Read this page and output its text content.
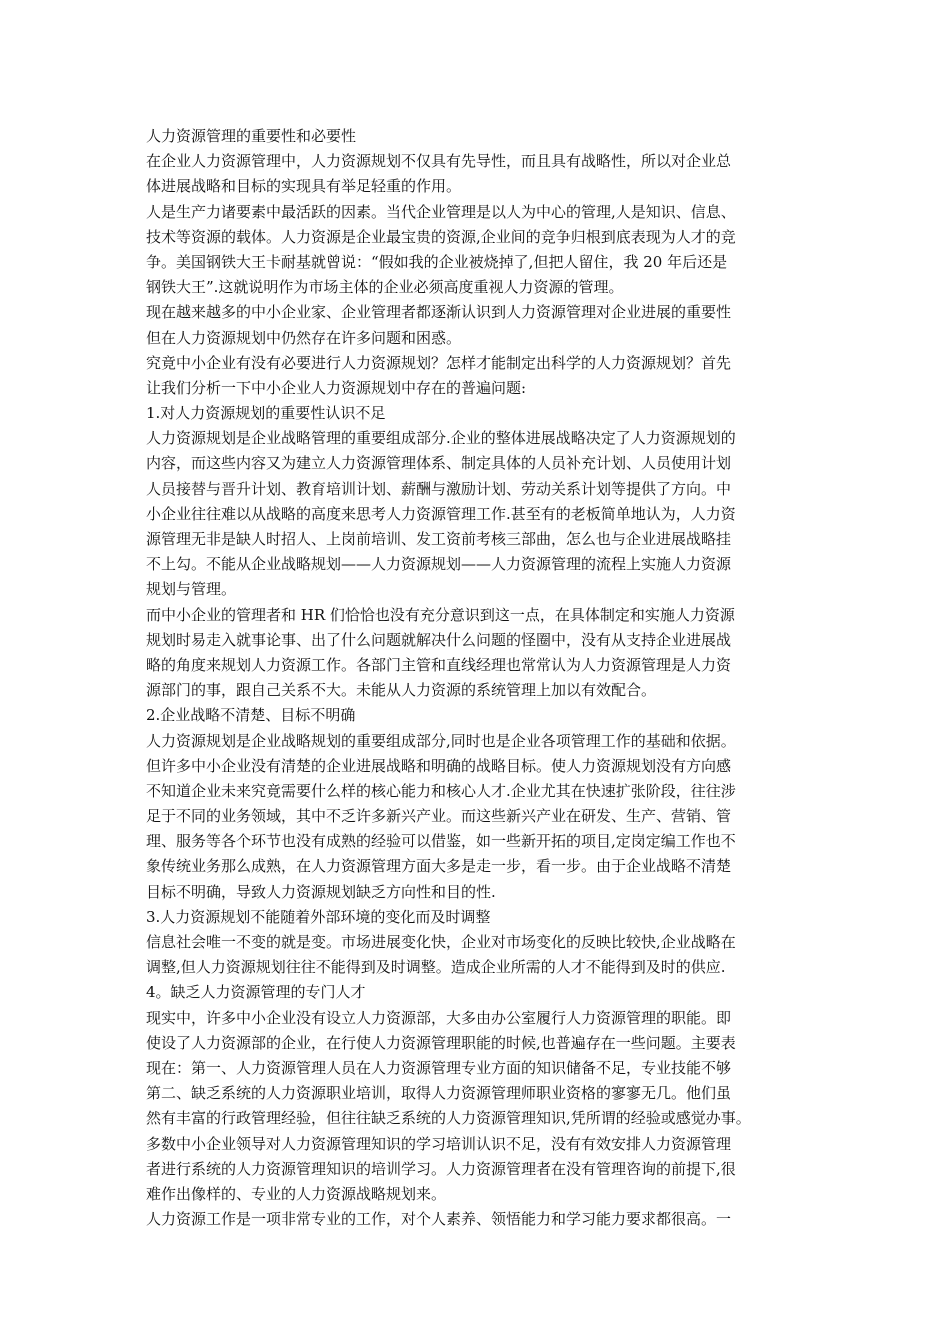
人力资源管理的重要性和必要性
在企业人力资源管理中，人力资源规划不仅具有先导性，而且具有战略性，所以对企业总
体进展战略和目标的实现具有举足轻重的作用。
人是生产力诸要素中最活跃的因素。当代企业管理是以人为中心的管理,人是知识、信息、
技术等资源的载体。人力资源是企业最宝贵的资源,企业间的竞争归根到底表现为人才的竞
争。美国钢铁大王卡耐基就曾说：“假如我的企业被烧掉了,但把人留住，我 20 年后还是
钢铁大王”.这就说明作为市场主体的企业必须高度重视人力资源的管理。
现在越来越多的中小企业家、企业管理者都逐渐认识到人力资源管理对企业进展的重要性
但在人力资源规划中仍然存在许多问题和困惑。
究竟中小企业有没有必要进行人力资源规划？怎样才能制定出科学的人力资源规划？首先
让我们分析一下中小企业人力资源规划中存在的普遍问题:
1.对人力资源规划的重要性认识不足
人力资源规划是企业战略管理的重要组成部分.企业的整体进展战略决定了人力资源规划的
内容，而这些内容又为建立人力资源管理体系、制定具体的人员补充计划、人员使用计划
人员接替与晋升计划、教育培训计划、薪酬与激励计划、劳动关系计划等提供了方向。中
小企业往往难以从战略的高度来思考人力资源管理工作.甚至有的老板简单地认为，人力资
源管理无非是缺人时招人、上岗前培训、发工资前考核三部曲，怎么也与企业进展战略挂
不上勾。不能从企业战略规划——人力资源规划——人力资源管理的流程上实施人力资源
规划与管理。
而中小企业的管理者和 HR 们恰恰也没有充分意识到这一点，在具体制定和实施人力资源
规划时易走入就事论事、出了什么问题就解决什么问题的怪圈中，没有从支持企业进展战
略的角度来规划人力资源工作。各部门主管和直线经理也常常认为人力资源管理是人力资
源部门的事，跟自己关系不大。未能从人力资源的系统管理上加以有效配合。
2.企业战略不清楚、目标不明确
人力资源规划是企业战略规划的重要组成部分,同时也是企业各项管理工作的基础和依据。
但许多中小企业没有清楚的企业进展战略和明确的战略目标。使人力资源规划没有方向感
不知道企业未来究竟需要什么样的核心能力和核心人才.企业尤其在快速扩张阶段，往往涉
足于不同的业务领域，其中不乏许多新兴产业。而这些新兴产业在研发、生产、营销、管
理、服务等各个环节也没有成熟的经验可以借鉴，如一些新开拓的项目,定岗定编工作也不
象传统业务那么成熟，在人力资源管理方面大多是走一步，看一步。由于企业战略不清楚
目标不明确，导致人力资源规划缺乏方向性和目的性.
3.人力资源规划不能随着外部环境的变化而及时调整
信息社会唯一不变的就是变。市场进展变化快，企业对市场变化的反映比较快,企业战略在
调整,但人力资源规划往往不能得到及时调整。造成企业所需的人才不能得到及时的供应.
4。缺乏人力资源管理的专门人才
现实中，许多中小企业没有设立人力资源部，大多由办公室履行人力资源管理的职能。即
使设了人力资源部的企业，在行使人力资源管理职能的时候,也普遍存在一些问题。主要表
现在：第一、人力资源管理人员在人力资源管理专业方面的知识储备不足，专业技能不够
第二、缺乏系统的人力资源职业培训，取得人力资源管理师职业资格的寥寥无几。他们虽
然有丰富的行政管理经验，但往往缺乏系统的人力资源管理知识,凭所谓的经验或感觉办事。
多数中小企业领导对人力资源管理知识的学习培训认识不足，没有有效安排人力资源管理
者进行系统的人力资源管理知识的培训学习。人力资源管理者在没有管理咨询的前提下,很
难作出像样的、专业的人力资源战略规划来。
人力资源工作是一项非常专业的工作，对个人素养、领悟能力和学习能力要求都很高。一
